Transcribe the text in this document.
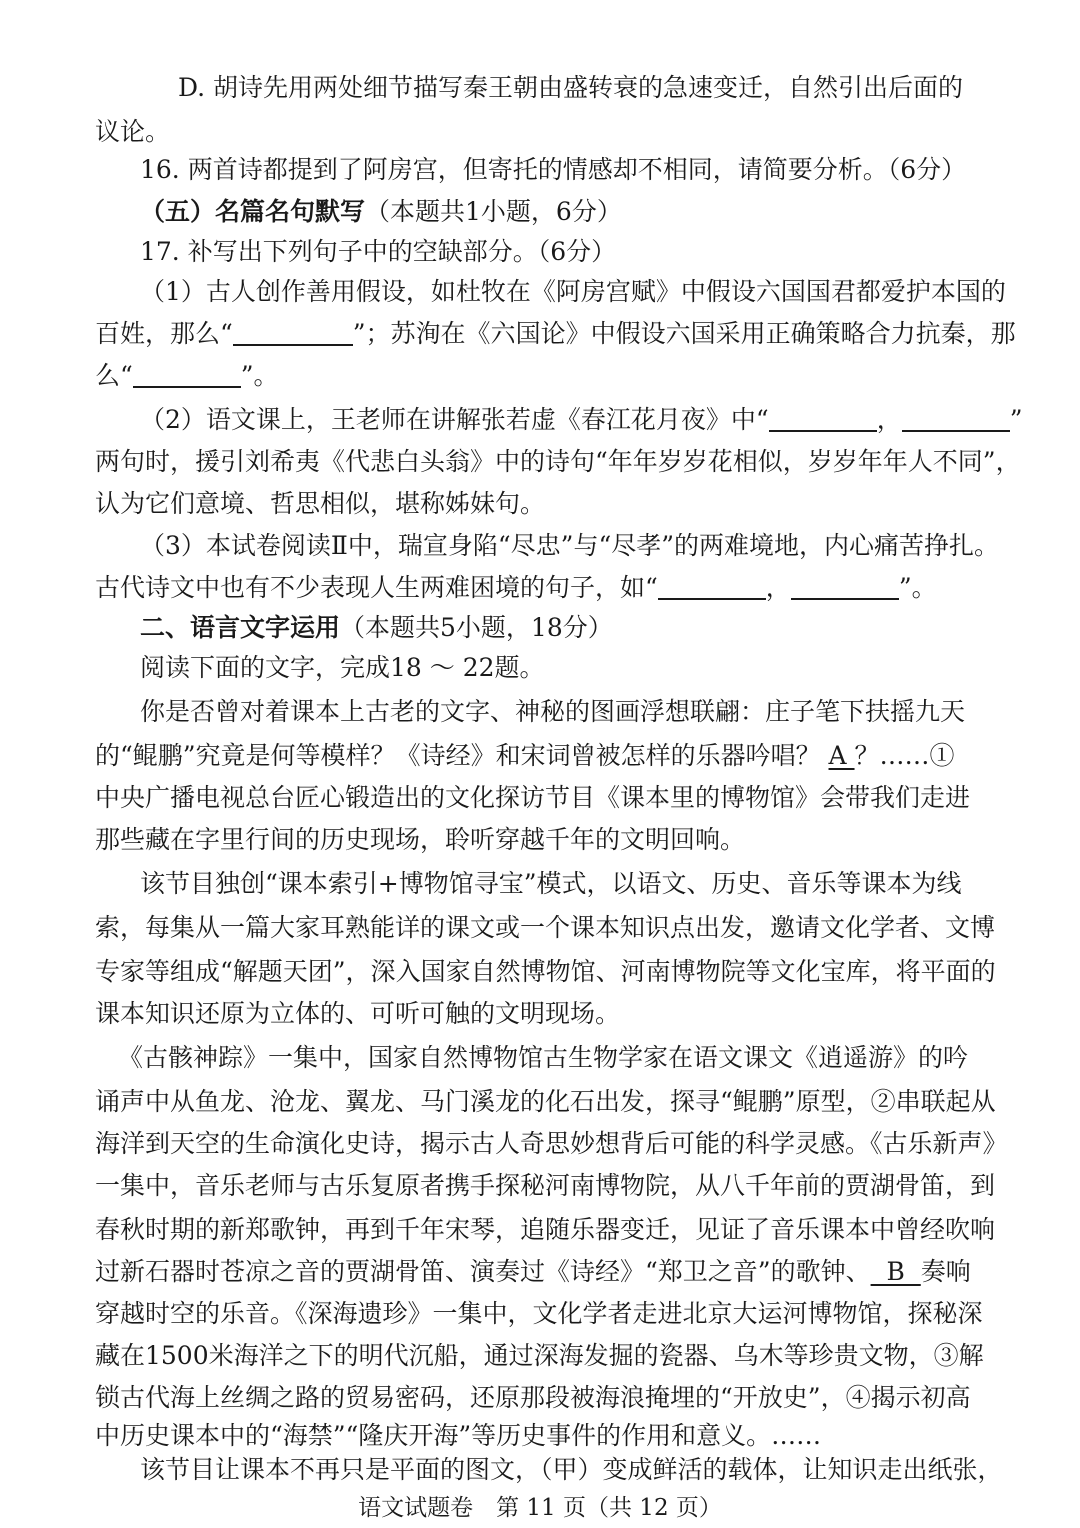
D. 胡诗先用两处细节描写秦王朝由盛转衰的急速变迁，自然引出后面的
议论。
16. 两首诗都提到了阿房宫，但寄托的情感却不相同，请简要分析。（6分）
（五）名篇名句默写（本题共1小题，6分）
17. 补写出下列句子中的空缺部分。（6分）
（1）古人创作善用假设，如杜牧在《阿房宫赋》中假设六国国君都爱护本国的
百姓，那么“	”；苏洵在《六国论》中假设六国采用正确策略合力抗秦，那
么“	”。
（2）语文课上，王老师在讲解张若虚《春江花月夜》中“	，	”
两句时，援引刘希夷《代悲白头翁》中的诗句“年年岁岁花相似，岁岁年年人不同”，
认为它们意境、哲思相似，堪称姊妹句。
（3）本试卷阅读Ⅱ中，瑞宣身陷“尽忠”与“尽孝”的两难境地，内心痛苦挣扎。
古代诗文中也有不少表现人生两难困境的句子，如“	，	”。
二、语言文字运用（本题共5小题，18分）
阅读下面的文字，完成18 ～ 22题。
你是否曾对着课本上古老的文字、神秘的图画浮想联翩：庄子笔下扶摇九天
的“鲲鹏”究竟是何等模样？《诗经》和宋词曾被怎样的乐器吟唱？ A ？……①
中央广播电视总台匠心锻造出的文化探访节目《课本里的博物馆》会带我们走进
那些藏在字里行间的历史现场，聆听穿越千年的文明回响。
该节目独创“课本索引+博物馆寻宝”模式，以语文、历史、音乐等课本为线
索，每集从一篇大家耳熟能详的课文或一个课本知识点出发，邀请文化学者、文博
专家等组成“解题天团”，深入国家自然博物馆、河南博物院等文化宝库，将平面的
课本知识还原为立体的、可听可触的文明现场。
《古骸神踪》一集中，国家自然博物馆古生物学家在语文课文《逍遥游》的吟
诵声中从鱼龙、沧龙、翼龙、马门溪龙的化石出发，探寻“鲲鹏”原型，②串联起从
海洋到天空的生命演化史诗，揭示古人奇思妙想背后可能的科学灵感。《古乐新声》
一集中，音乐老师与古乐复原者携手探秘河南博物院，从八千年前的贾湖骨笛，到
春秋时期的新郑歌钟，再到千年宋琴，追随乐器变迁，见证了音乐课本中曾经吹响
过新石器时苍凉之音的贾湖骨笛、演奏过《诗经》“郑卫之音”的歌钟、  B  奏响
穿越时空的乐音。《深海遗珍》一集中，文化学者走进北京大运河博物馆，探秘深
藏在1500米海洋之下的明代沉船，通过深海发掘的瓷器、乌木等珍贵文物，③解
锁古代海上丝绸之路的贸易密码，还原那段被海浪掩埋的“开放史”，④揭示初高
中历史课本中的“海禁”“隆庆开海”等历史事件的作用和意义。……
语文试题卷　第 11 页（共 12 页）
该节目让课本不再只是平面的图文，（甲）变成鲜活的载体，让知识走出纸张，
